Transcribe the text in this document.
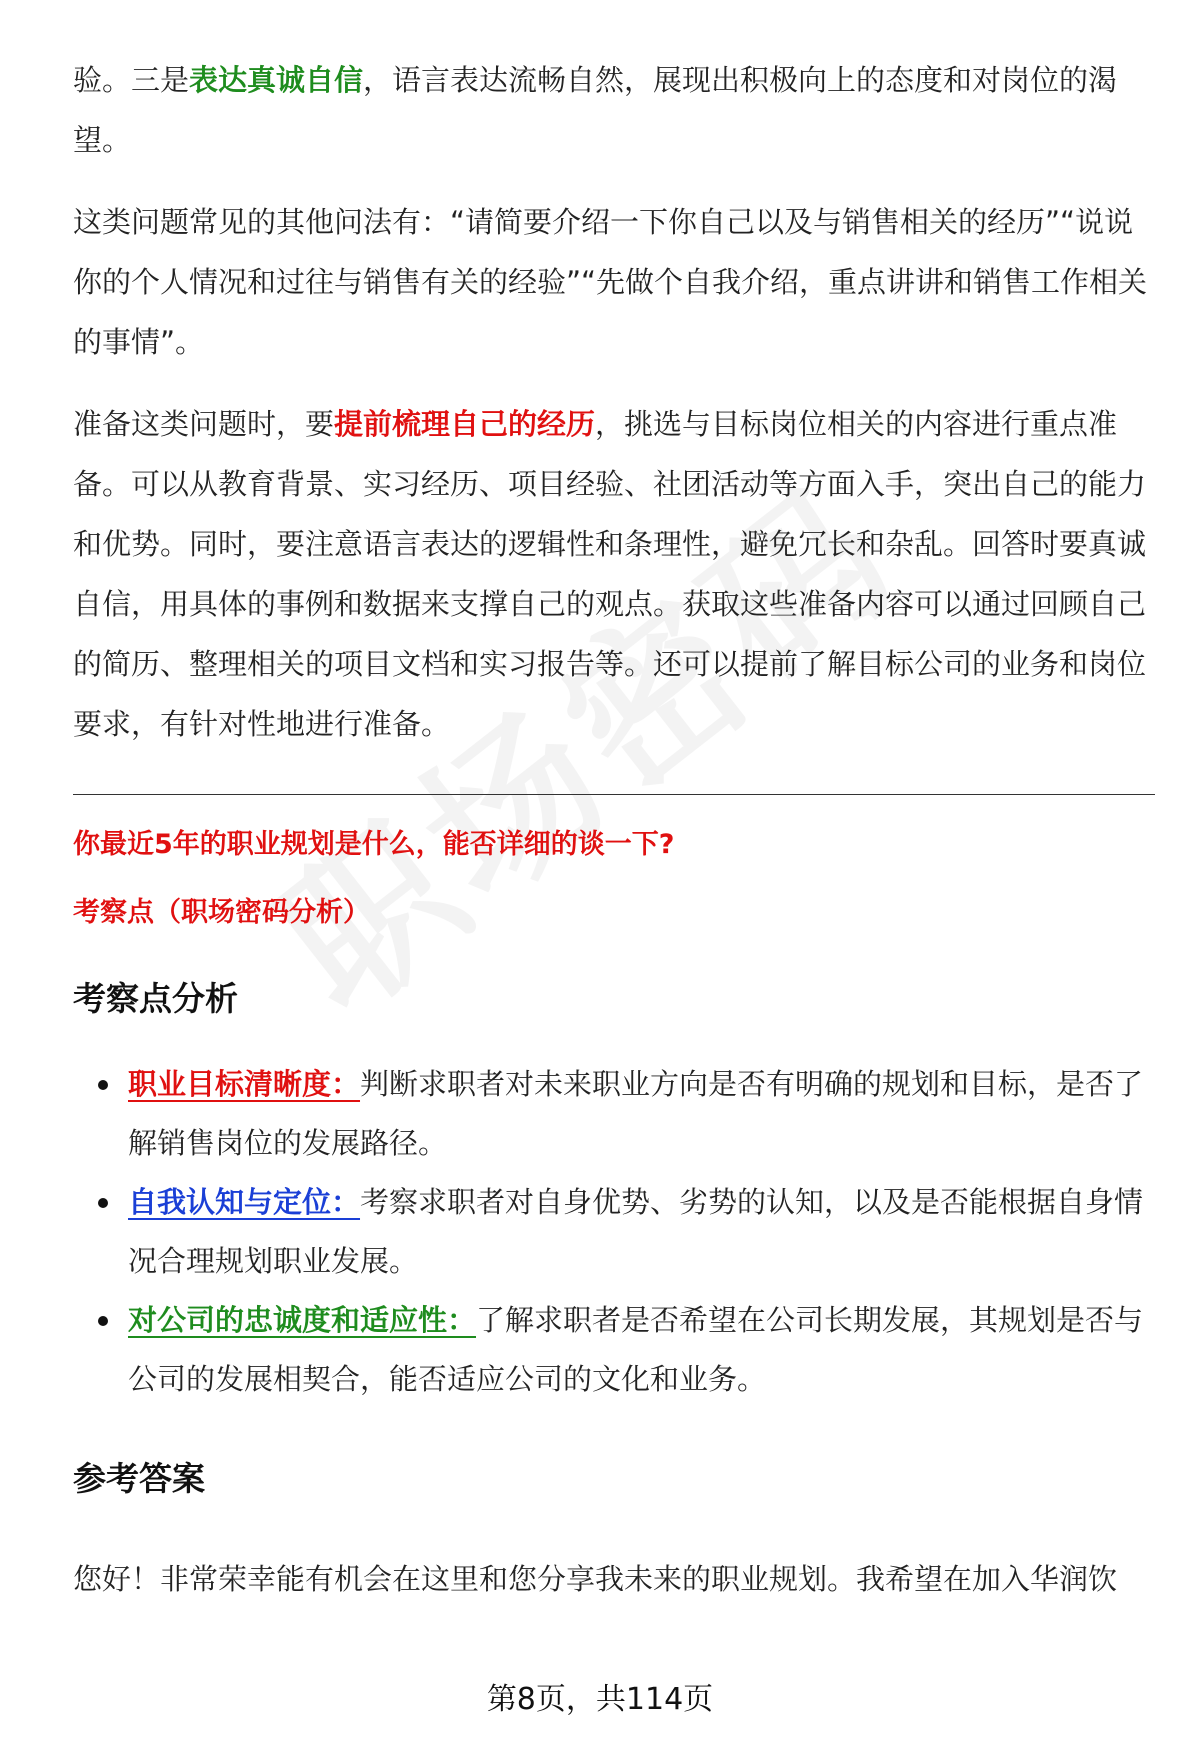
验。三是表达真诚自信，语言表达流畅自然，展现出积极向上的态度和对岗位的渴望。

这类问题常见的其他问法有：“请简要介绍一下你自己以及与销售相关的经历”“说说你的个人情况和过往与销售有关的经验”“先做个自我介绍，重点讲讲和销售工作相关的事情”。

准备这类问题时，要提前梳理自己的经历，挑选与目标岗位相关的内容进行重点准备。可以从教育背景、实习经历、项目经验、社团活动等方面入手，突出自己的能力和优势。同时，要注意语言表达的逻辑性和条理性，避免冗长和杂乱。回答时要真诚自信，用具体的事例和数据来支撑自己的观点。获取这些准备内容可以通过回顾自己的简历、整理相关的项目文档和实习报告等。还可以提前了解目标公司的业务和岗位要求，有针对性地进行准备。

你最近5年的职业规划是什么，能否详细的谈一下?

考察点（职场密码分析）

考察点分析
职业目标清晰度：判断求职者对未来职业方向是否有明确的规划和目标，是否了解销售岗位的发展路径。
自我认知与定位：考察求职者对自身优势、劣势的认知，以及是否能根据自身情况合理规划职业发展。
对公司的忠诚度和适应性：了解求职者是否希望在公司长期发展，其规划是否与公司的发展相契合，能否适应公司的文化和业务。
参考答案

您好！非常荣幸能有机会在这里和您分享我未来的职业规划。我希望在加入华润饮

第8页，共114页
